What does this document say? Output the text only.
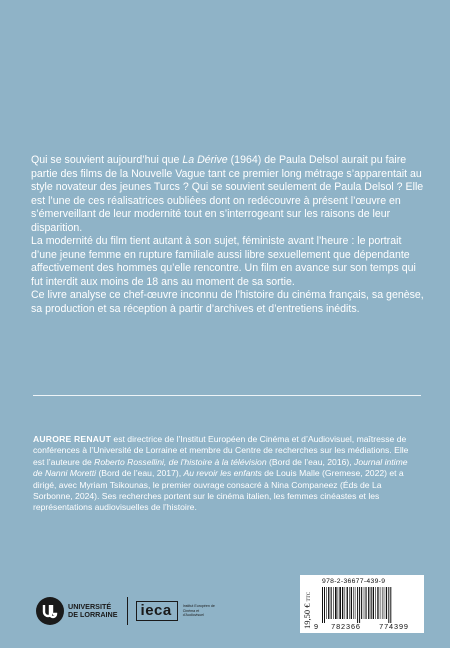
Qui se souvient aujourd’hui que La Dérive (1964) de Paula Delsol aurait pu faire partie des films de la Nouvelle Vague tant ce premier long métrage s’apparentait au style novateur des jeunes Turcs ? Qui se souvient seulement de Paula Delsol ? Elle est l’une de ces réalisatrices oubliées dont on redécouvre à présent l’œuvre en s’émerveillant de leur modernité tout en s’interrogeant sur les raisons de leur disparition.

La modernité du film tient autant à son sujet, féministe avant l’heure : le portrait d’une jeune femme en rupture familiale aussi libre sexuellement que dépendante affectivement des hommes qu’elle rencontre. Un film en avance sur son temps qui fut interdit aux moins de 18 ans au moment de sa sortie.

Ce livre analyse ce chef-œuvre inconnu de l’histoire du cinéma français, sa genèse, sa production et sa réception à partir d’archives et d’entretiens inédits.

AURORE RENAUT est directrice de l’Institut Européen de Cinéma et d’Audiovisuel, maîtresse de conférences à l’Université de Lorraine et membre du Centre de recherches sur les médiations. Elle est l’auteure de Roberto Rossellini, de l’histoire à la télévision (Bord de l’eau, 2016), Journal intime de Nanni Moretti (Bord de l’eau, 2017), Au revoir les enfants de Louis Malle (Gremese, 2022) et a dirigé, avec Myriam Tsikounas, le premier ouvrage consacré à Nina Companeez (Éds de La Sorbonne, 2024). Ses recherches portent sur le cinéma italien, les femmes cinéastes et les représentations audiovisuelles de l’histoire.
UNIVERSITÉ
DE LORRAINE	ieca	Institut Européen de Cinéma et d’Audiovisuel	19,50 € TTC
978-2-36677-439-9
9	782366	774399
